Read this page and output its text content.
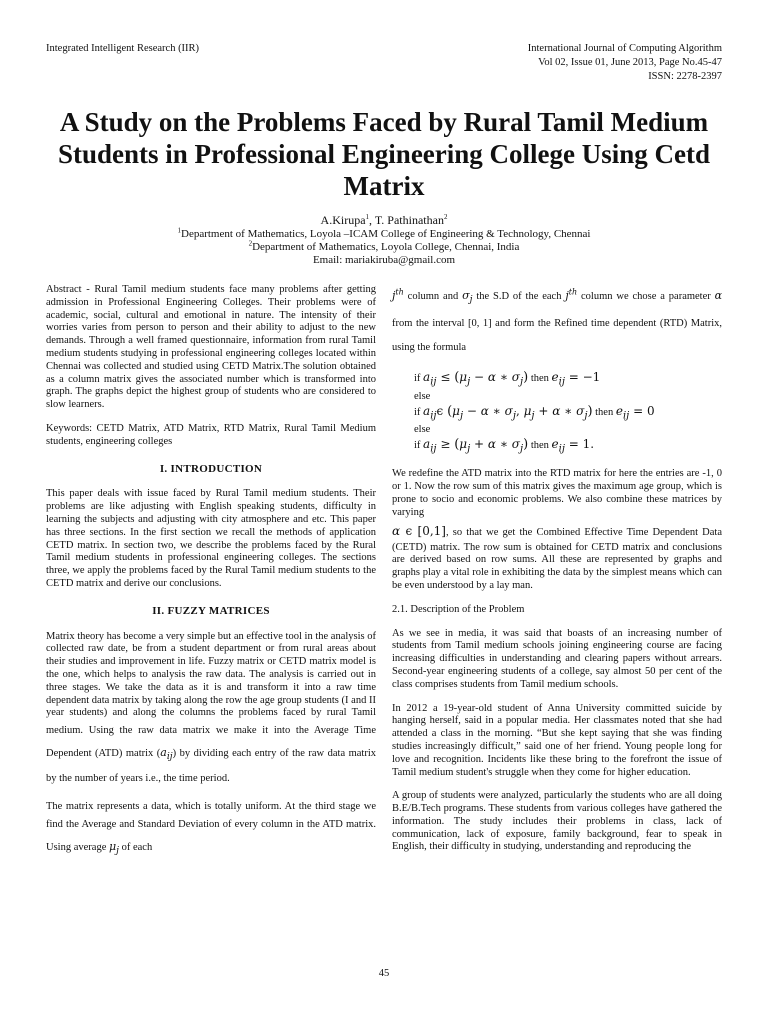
Integrated Intelligent Research (IIR)	International Journal of Computing Algorithm
Vol 02, Issue 01, June 2013, Page No.45-47
ISSN: 2278-2397
A Study on the Problems Faced by Rural Tamil Medium Students in Professional Engineering College Using Cetd Matrix
A.Kirupa$^1$, T. Pathinathan$^2$
$^1$Department of Mathematics, Loyola –ICAM College of Engineering & Technology, Chennai
$^2$Department of Mathematics, Loyola College, Chennai, India
Email: mariakiruba@gmail.com

Abstract - Rural Tamil medium students face many problems after getting admission in Professional Engineering Colleges. Their problems were of academic, social, cultural and emotional in nature. The intensity of their worries varies from person to person and their ability to adjust to the new demands. Through a well framed questionnaire, information from rural Tamil medium students studying in professional engineering colleges located within Chennai was collected and studied using CETD Matrix.The solution obtained as a column matrix gives the associated number which is transformed into graph. The graphs depict the highest group of students who are considered to slow learners.

Keywords: CETD Matrix, ATD Matrix, RTD Matrix, Rural Tamil Medium students, engineering colleges

I. INTRODUCTION

This paper deals with issue faced by Rural Tamil medium students. Their problems are like adjusting with English speaking students, difficulty in learning the subjects and adjusting with city atmosphere and etc. This paper has three sections. In the first section we recall the methods of application CETD matrix. In section two, we describe the problems faced by the Rural Tamil medium students in professional engineering colleges. The sections three, we apply the problems faced by the Rural Tamil medium students to the CETD matrix and derive our conclusions.

II. FUZZY MATRICES

Matrix theory has become a very simple but an effective tool in the analysis of collected raw date, be from a student department or from rural areas about their studies and improvement in life. Fuzzy matrix or CETD matrix model is the one, which helps to analysis the raw data. The analysis is carried out in three stages. We take the data as it is and transform it into a raw time dependent data matrix by taking along the row the age group students (I and II year students) and along the columns the problems faced by rural Tamil medium. Using the raw data matrix we make it into the Average Time Dependent (ATD) matrix $(a_{ij})$ by dividing each entry of the raw data matrix by the number of years i.e., the time period.

The matrix represents a data, which is totally uniform. At the third stage we find the Average and Standard Deviation of every column in the ATD matrix. Using average $\mu_j$ of each

$j^{th}$ column and $\sigma_j$ the S.D of the each $j^{th}$ column we chose a parameter α from the interval [0, 1] and form the Refined time dependent (RTD) Matrix, using the formula

if $a_{ij} \le (\mu_j - \alpha$ ∗ $\sigma_j$) then $e_{ij} = -1$
else
if $a_{ij}\epsilon$ ($\mu_j - \alpha$ ∗ $\sigma_j$, $\mu_j + \alpha$ ∗ $\sigma_j$) then $e_{ij} = 0$
else
if $a_{ij} \ge (\mu_j + \alpha$ ∗ $\sigma_j$) then $e_{ij} = 1$.

We redefine the ATD matrix into the RTD matrix for here the entries are -1, 0 or 1. Now the row sum of this matrix gives the maximum age group, which is prone to socio and economic problems. We also combine these matrices by varying

α ϵ [0,1], so that we get the Combined Effective Time Dependent Data (CETD) matrix. The row sum is obtained for CETD matrix and conclusions are derived based on row sums. All these are represented by graphs and graphs play a vital role in exhibiting the data by the simplest means which can be even understood by a lay man.

2.1. Description of the Problem

As we see in media, it was said that boasts of an increasing number of students from Tamil medium schools joining engineering course are facing increasing difficulties in understanding and clearing papers without arrears. Second-year engineering students of a college, say almost 50 per cent of the class comprises students from Tamil medium schools.

In 2012 a 19-year-old student of Anna University committed suicide by hanging herself, said in a popular media. Her classmates noted that she had attended a class in the morning. “But she kept saying that she was finding studies increasingly difficult,” said one of her friend. Young people long for love and recognition. Incidents like these bring to the forefront the issue of Tamil medium student's struggle when they come for higher education.

A group of students were analyzed, particularly the students who are all doing B.E/B.Tech programs. These students from various colleges have gathered the information. The study includes their problems in class, lack of communication, lack of exposure, family background, fear to speak in English, their difficulty in studying, understanding and reproducing the

45
